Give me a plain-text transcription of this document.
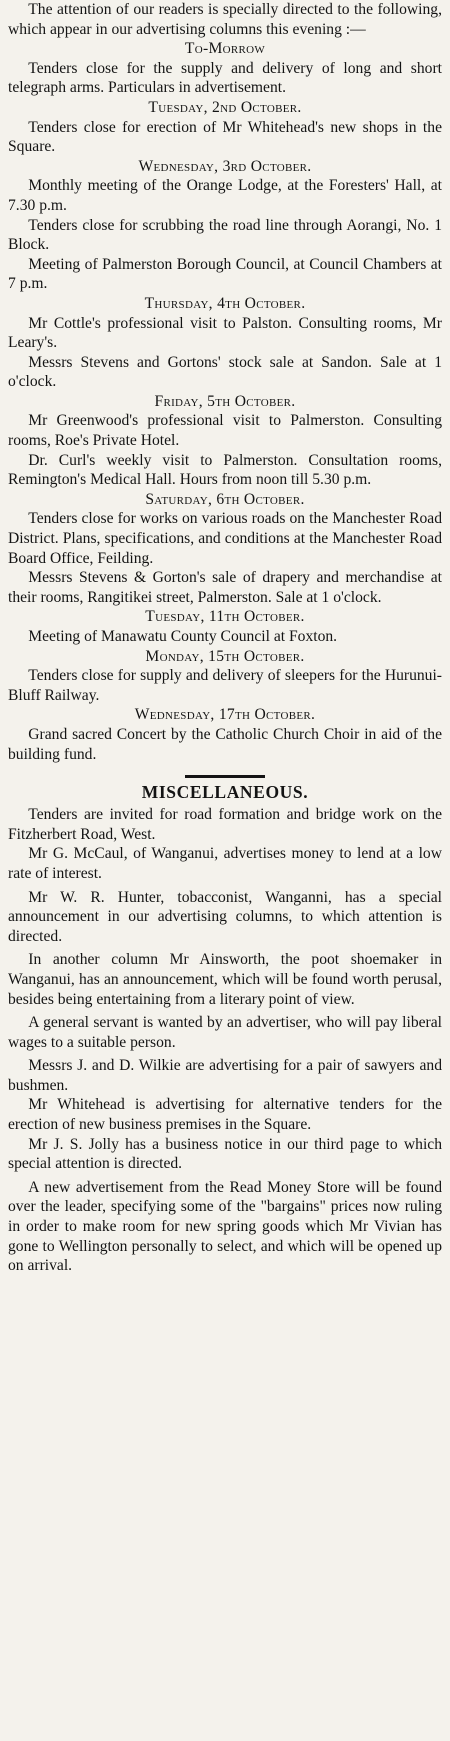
The attention of our readers is specially directed to the following, which appear in our advertising columns this evening :—

To-Morrow

Tenders close for the supply and delivery of long and short telegraph arms. Particulars in advertisement.

Tuesday, 2nd October.

Tenders close for erection of Mr Whitehead's new shops in the Square.

Wednesday, 3rd October.

Monthly meeting of the Orange Lodge, at the Foresters' Hall, at 7.30 p.m.

Tenders close for scrubbing the road line through Aorangi, No. 1 Block.

Meeting of Palmerston Borough Council, at Council Chambers at 7 p.m.

Thursday, 4th October.

Mr Cottle's professional visit to Palston. Consulting rooms, Mr Leary's.

Messrs Stevens and Gortons' stock sale at Sandon. Sale at 1 o'clock.

Friday, 5th October.

Mr Greenwood's professional visit to Palmerston. Consulting rooms, Roe's Private Hotel.

Dr. Curl's weekly visit to Palmerston. Consultation rooms, Remington's Medical Hall. Hours from noon till 5.30 p.m.

Saturday, 6th October.

Tenders close for works on various roads on the Manchester Road District. Plans, specifications, and conditions at the Manchester Road Board Office, Feilding.

Messrs Stevens & Gorton's sale of drapery and merchandise at their rooms, Rangitikei street, Palmerston. Sale at 1 o'clock.

Tuesday, 11th October.

Meeting of Manawatu County Council at Foxton.

Monday, 15th October.

Tenders close for supply and delivery of sleepers for the Hurunui-Bluff Railway.

Wednesday, 17th October.

Grand sacred Concert by the Catholic Church Choir in aid of the building fund.

MISCELLANEOUS.

Tenders are invited for road formation and bridge work on the Fitzherbert Road, West.

Mr G. McCaul, of Wanganui, advertises money to lend at a low rate of interest.

Mr W. R. Hunter, tobacconist, Wanganni, has a special announcement in our advertising columns, to which attention is directed.

In another column Mr Ainsworth, the poot shoemaker in Wanganui, has an announcement, which will be found worth perusal, besides being entertaining from a literary point of view.

A general servant is wanted by an advertiser, who will pay liberal wages to a suitable person.

Messrs J. and D. Wilkie are advertising for a pair of sawyers and bushmen.

Mr Whitehead is advertising for alternative tenders for the erection of new business premises in the Square.

Mr J. S. Jolly has a business notice in our third page to which special attention is directed.

A new advertisement from the Read Money Store will be found over the leader, specifying some of the "bargains" prices now ruling in order to make room for new spring goods which Mr Vivian has gone to Wellington personally to select, and which will be opened up on arrival.
